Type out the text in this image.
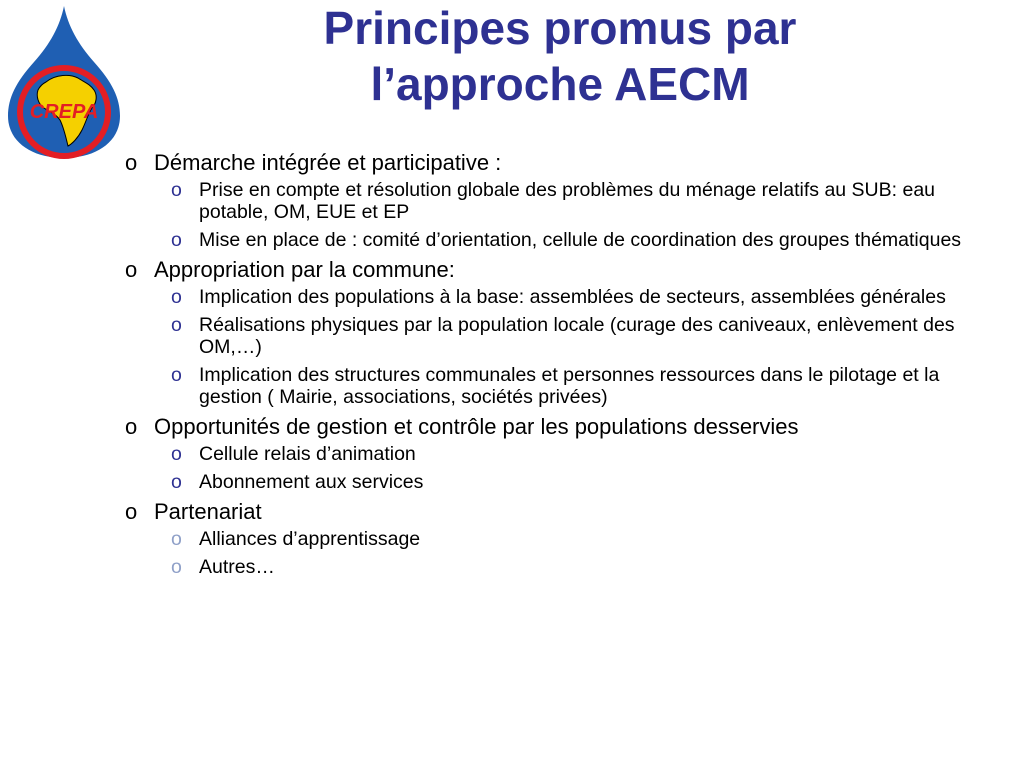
CREPA
Principes promus par
l’approche AECM
o Démarche intégrée et participative :
o Prise en compte et résolution globale des problèmes du ménage relatifs au SUB: eau potable, OM, EUE et EP
o Mise en place de : comité d’orientation, cellule de coordination des groupes thématiques
o Appropriation par la commune:
o Implication des populations à la base: assemblées de secteurs, assemblées générales
o Réalisations physiques par la population locale (curage des caniveaux, enlèvement des OM,…)
o Implication des structures communales et personnes ressources dans le pilotage et la gestion ( Mairie, associations, sociétés privées)
o Opportunités de gestion et contrôle par les populations desservies
o Cellule relais d’animation
o Abonnement aux services
o Partenariat
o Alliances d’apprentissage
o Autres…
